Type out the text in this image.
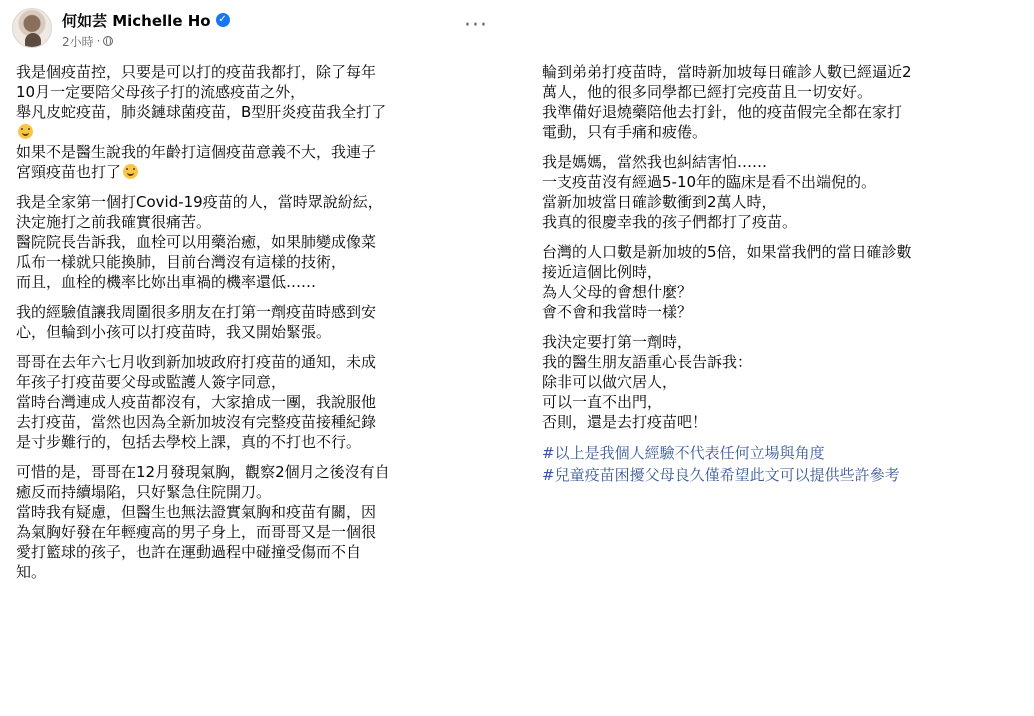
何如芸 Michelle Ho ✓
2小時 ·
···
我是個疫苗控，只要是可以打的疫苗我都打，除了每年
10月一定要陪父母孩子打的流感疫苗之外，
舉凡皮蛇疫苗，肺炎鏈球菌疫苗，B型肝炎疫苗我全打了
如果不是醫生說我的年齡打這個疫苗意義不大，我連子
宮頸疫苗也打了
我是全家第一個打Covid-19疫苗的人，當時眾說紛紜，
決定施打之前我確實很痛苦。
醫院院長告訴我，血栓可以用藥治癒，如果肺變成像菜
瓜布一樣就只能換肺，目前台灣沒有這樣的技術，
而且，血栓的機率比妳出車禍的機率還低……
我的經驗值讓我周圍很多朋友在打第一劑疫苗時感到安
心，但輪到小孩可以打疫苗時，我又開始緊張。
哥哥在去年六七月收到新加坡政府打疫苗的通知，未成
年孩子打疫苗要父母或監護人簽字同意，
當時台灣連成人疫苗都沒有，大家搶成一團，我說服他
去打疫苗，當然也因為全新加坡沒有完整疫苗接種紀錄
是寸步難行的，包括去學校上課，真的不打也不行。
可惜的是，哥哥在12月發現氣胸，觀察2個月之後沒有自
癒反而持續塌陷，只好緊急住院開刀。
當時我有疑慮，但醫生也無法證實氣胸和疫苗有關，因
為氣胸好發在年輕瘦高的男子身上，而哥哥又是一個很
愛打籃球的孩子，也許在運動過程中碰撞受傷而不自
知。
輪到弟弟打疫苗時，當時新加坡每日確診人數已經逼近2
萬人，他的很多同學都已經打完疫苗且一切安好。
我準備好退燒藥陪他去打針，他的疫苗假完全都在家打
電動，只有手痛和疲倦。
我是媽媽，當然我也糾結害怕……
一支疫苗沒有經過5-10年的臨床是看不出端倪的。
當新加坡當日確診數衝到2萬人時，
我真的很慶幸我的孩子們都打了疫苗。
台灣的人口數是新加坡的5倍，如果當我們的當日確診數
接近這個比例時，
為人父母的會想什麼？
會不會和我當時一樣？
我決定要打第一劑時，
我的醫生朋友語重心長告訴我：
除非可以做穴居人，
可以一直不出門，
否則，還是去打疫苗吧！
#以上是我個人經驗不代表任何立場與角度
#兒童疫苗困擾父母良久僅希望此文可以提供些許參考
